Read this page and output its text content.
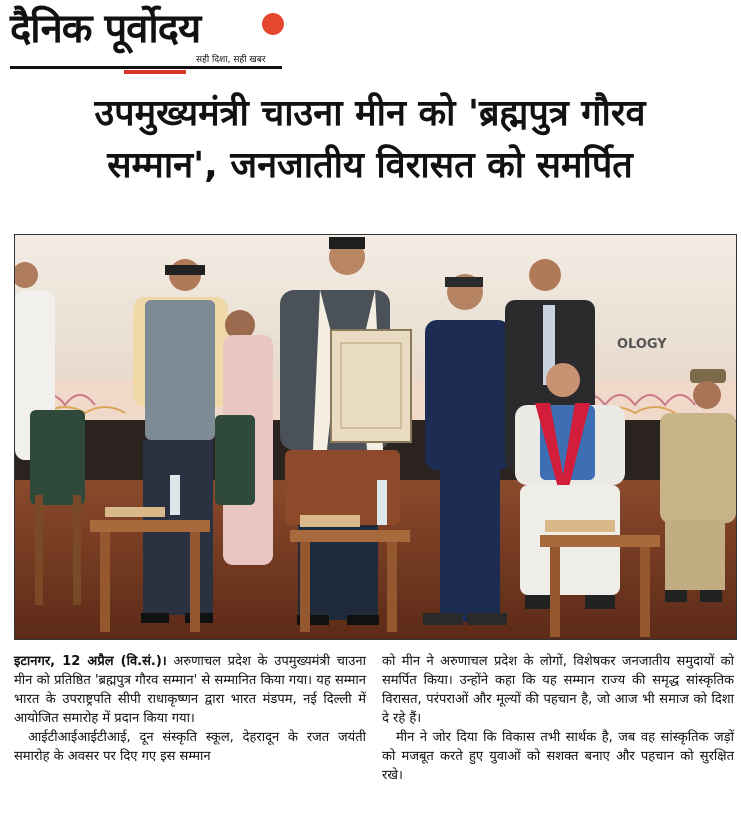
दैनिक पूर्वोदय
सही दिशा, सही खबर
उपमुख्यमंत्री चाउना मीन को 'ब्रह्मपुत्र गौरव
सम्मान', जनजातीय विरासत को समर्पित
OLOGY

इटानगर, 12 अप्रैल (वि.सं.)। अरुणाचल प्रदेश के उपमुख्यमंत्री चाउना मीन को प्रतिष्ठित 'ब्रह्मपुत्र गौरव सम्मान' से सम्मानित किया गया। यह सम्मान भारत के उपराष्ट्रपति सीपी राधाकृष्णन द्वारा भारत मंडपम, नई दिल्ली में आयोजित समारोह में प्रदान किया गया।

आईटीआईआईटीआई, दून संस्कृति स्कूल, देहरादून के रजत जयंती समारोह के अवसर पर दिए गए इस सम्मान

को मीन ने अरुणाचल प्रदेश के लोगों, विशेषकर जनजातीय समुदायों को समर्पित किया। उन्होंने कहा कि यह सम्मान राज्य की समृद्ध सांस्कृतिक विरासत, परंपराओं और मूल्यों की पहचान है, जो आज भी समाज को दिशा दे रहे हैं।

मीन ने जोर दिया कि विकास तभी सार्थक है, जब वह सांस्कृतिक जड़ों को मजबूत करते हुए युवाओं को सशक्त बनाए और पहचान को सुरक्षित रखे।
